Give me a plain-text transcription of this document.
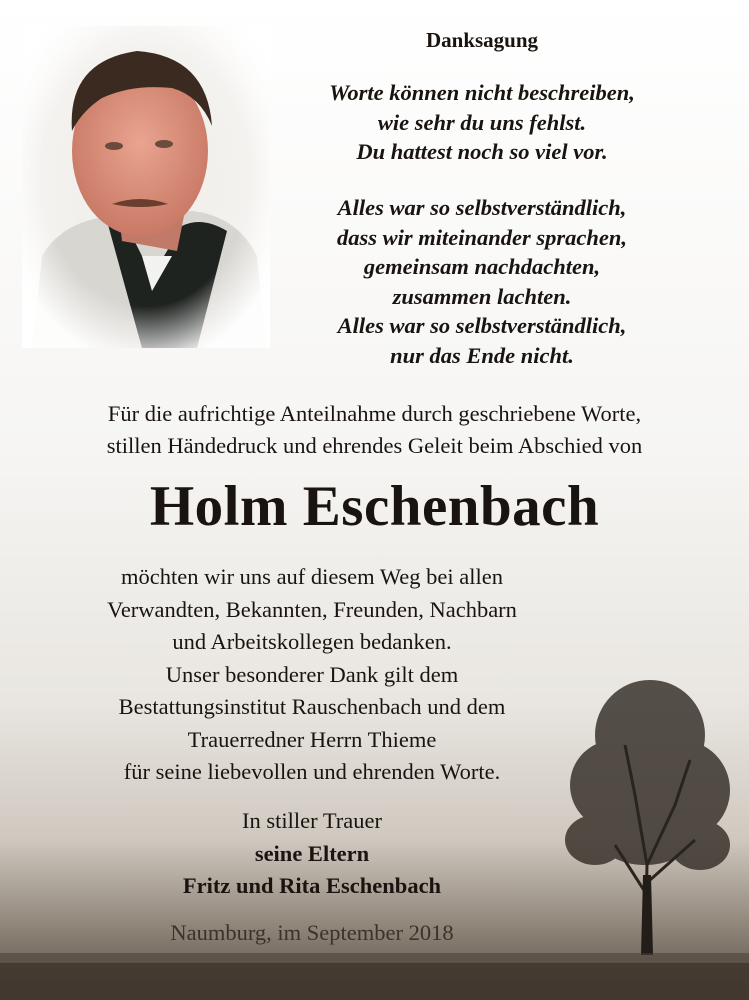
Danksagung

Worte können nicht beschreiben,

wie sehr du uns fehlst.

Du hattest noch so viel vor.

Alles war so selbstverständlich,

dass wir miteinander sprachen,

gemeinsam nachdachten,

zusammen lachten.

Alles war so selbstverständlich,

nur das Ende nicht.

Für die aufrichtige Anteilnahme durch geschriebene Worte,

stillen Händedruck und ehrendes Geleit beim Abschied von

Holm Eschenbach

möchten wir uns auf diesem Weg bei allen

Verwandten, Bekannten, Freunden, Nachbarn

und Arbeitskollegen bedanken.

Unser besonderer Dank gilt dem

Bestattungsinstitut Rauschenbach und dem

Trauerredner Herrn Thieme

für seine liebevollen und ehrenden Worte.

In stiller Trauer

seine Eltern

Fritz und Rita Eschenbach

Naumburg, im September 2018
